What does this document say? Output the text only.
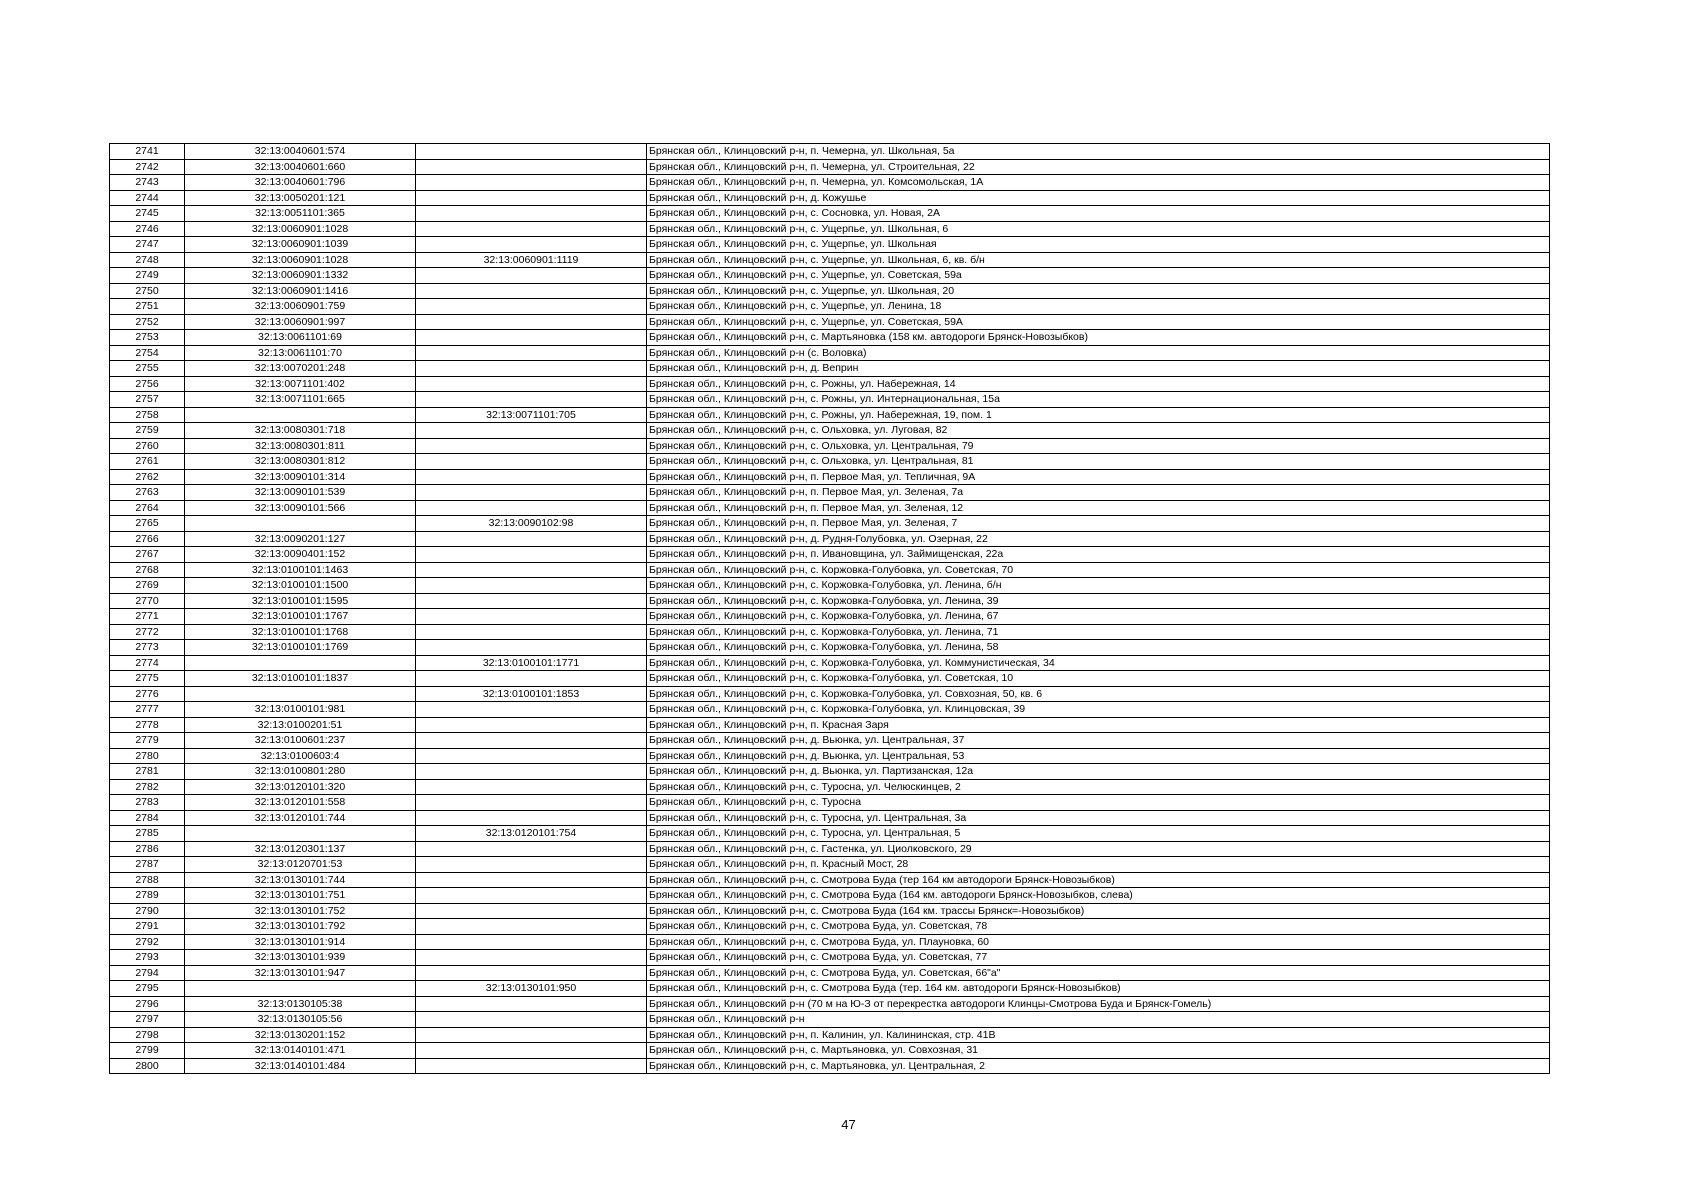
2741	32:13:0040601:574		Брянская обл., Клинцовский р-н, п. Чемерна, ул. Школьная, 5а
2742	32:13:0040601:660		Брянская обл., Клинцовский р-н, п. Чемерна, ул. Строительная, 22
2743	32:13:0040601:796		Брянская обл., Клинцовский р-н, п. Чемерна, ул. Комсомольская, 1А
2744	32:13:0050201:121		Брянская обл., Клинцовский р-н, д. Кожушье
2745	32:13:0051101:365		Брянская обл., Клинцовский р-н, с. Сосновка, ул. Новая, 2А
2746	32:13:0060901:1028		Брянская обл., Клинцовский р-н, с. Ущерпье, ул. Школьная, 6
2747	32:13:0060901:1039		Брянская обл., Клинцовский р-н, с. Ущерпье, ул. Школьная
2748	32:13:0060901:1028	32:13:0060901:1119	Брянская обл., Клинцовский р-н, с. Ущерпье, ул. Школьная, 6, кв. б/н
2749	32:13:0060901:1332		Брянская обл., Клинцовский р-н, с. Ущерпье, ул. Советская, 59а
2750	32:13:0060901:1416		Брянская обл., Клинцовский р-н, с. Ущерпье, ул. Школьная, 20
2751	32:13:0060901:759		Брянская обл., Клинцовский р-н, с. Ущерпье, ул. Ленина, 18
2752	32:13:0060901:997		Брянская обл., Клинцовский р-н, с. Ущерпье, ул. Советская, 59А
2753	32:13:0061101:69		Брянская обл., Клинцовский р-н, с. Мартьяновка (158 км. автодороги Брянск-Новозыбков)
2754	32:13:0061101:70		Брянская обл., Клинцовский р-н (с. Воловка)
2755	32:13:0070201:248		Брянская обл., Клинцовский р-н, д. Веприн
2756	32:13:0071101:402		Брянская обл., Клинцовский р-н, с. Рожны, ул. Набережная, 14
2757	32:13:0071101:665		Брянская обл., Клинцовский р-н, с. Рожны, ул. Интернациональная, 15а
2758		32:13:0071101:705	Брянская обл., Клинцовский р-н, с. Рожны, ул. Набережная, 19, пом. 1
2759	32:13:0080301:718		Брянская обл., Клинцовский р-н, с. Ольховка, ул. Луговая, 82
2760	32:13:0080301:811		Брянская обл., Клинцовский р-н, с. Ольховка, ул. Центральная, 79
2761	32:13:0080301:812		Брянская обл., Клинцовский р-н, с. Ольховка, ул. Центральная, 81
2762	32:13:0090101:314		Брянская обл., Клинцовский р-н, п. Первое Мая, ул. Тепличная, 9А
2763	32:13:0090101:539		Брянская обл., Клинцовский р-н, п. Первое Мая, ул. Зеленая, 7а
2764	32:13:0090101:566		Брянская обл., Клинцовский р-н, п. Первое Мая, ул. Зеленая, 12
2765		32:13:0090102:98	Брянская обл., Клинцовский р-н, п. Первое Мая, ул. Зеленая, 7
2766	32:13:0090201:127		Брянская обл., Клинцовский р-н, д. Рудня-Голубовка, ул. Озерная, 22
2767	32:13:0090401:152		Брянская обл., Клинцовский р-н, п. Ивановщина, ул. Займищенская, 22а
2768	32:13:0100101:1463		Брянская обл., Клинцовский р-н, с. Коржовка-Голубовка, ул. Советская, 70
2769	32:13:0100101:1500		Брянская обл., Клинцовский р-н, с. Коржовка-Голубовка, ул. Ленина, б/н
2770	32:13:0100101:1595		Брянская обл., Клинцовский р-н, с. Коржовка-Голубовка, ул. Ленина, 39
2771	32:13:0100101:1767		Брянская обл., Клинцовский р-н, с. Коржовка-Голубовка, ул. Ленина, 67
2772	32:13:0100101:1768		Брянская обл., Клинцовский р-н, с. Коржовка-Голубовка, ул. Ленина, 71
2773	32:13:0100101:1769		Брянская обл., Клинцовский р-н, с. Коржовка-Голубовка, ул. Ленина, 58
2774		32:13:0100101:1771	Брянская обл., Клинцовский р-н, с. Коржовка-Голубовка, ул. Коммунистическая, 34
2775	32:13:0100101:1837		Брянская обл., Клинцовский р-н, с. Коржовка-Голубовка, ул. Советская, 10
2776		32:13:0100101:1853	Брянская обл., Клинцовский р-н, с. Коржовка-Голубовка, ул. Совхозная, 50, кв. 6
2777	32:13:0100101:981		Брянская обл., Клинцовский р-н, с. Коржовка-Голубовка, ул. Клинцовская, 39
2778	32:13:0100201:51		Брянская обл., Клинцовский р-н, п. Красная Заря
2779	32:13:0100601:237		Брянская обл., Клинцовский р-н, д. Вьюнка, ул. Центральная, 37
2780	32:13:0100603:4		Брянская обл., Клинцовский р-н, д. Вьюнка, ул. Центральная, 53
2781	32:13:0100801:280		Брянская обл., Клинцовский р-н, д. Вьюнка, ул. Партизанская, 12а
2782	32:13:0120101:320		Брянская обл., Клинцовский р-н, с. Туросна, ул. Челюскинцев, 2
2783	32:13:0120101:558		Брянская обл., Клинцовский р-н, с. Туросна
2784	32:13:0120101:744		Брянская обл., Клинцовский р-н, с. Туросна, ул. Центральная, 3а
2785		32:13:0120101:754	Брянская обл., Клинцовский р-н, с. Туросна, ул. Центральная, 5
2786	32:13:0120301:137		Брянская обл., Клинцовский р-н, с. Гастенка, ул. Циолковского, 29
2787	32:13:0120701:53		Брянская обл., Клинцовский р-н, п. Красный Мост, 28
2788	32:13:0130101:744		Брянская обл., Клинцовский р-н, с. Смотрова Буда (тер 164 км автодороги Брянск-Новозыбков)
2789	32:13:0130101:751		Брянская обл., Клинцовский р-н, с. Смотрова Буда (164 км. автодороги Брянск-Новозыбков, слева)
2790	32:13:0130101:752		Брянская обл., Клинцовский р-н, с. Смотрова Буда (164 км. трассы Брянск=-Новозыбков)
2791	32:13:0130101:792		Брянская обл., Клинцовский р-н, с. Смотрова Буда, ул. Советская, 78
2792	32:13:0130101:914		Брянская обл., Клинцовский р-н, с. Смотрова Буда, ул. Плауновка, 60
2793	32:13:0130101:939		Брянская обл., Клинцовский р-н, с. Смотрова Буда, ул. Советская, 77
2794	32:13:0130101:947		Брянская обл., Клинцовский р-н, с. Смотрова Буда, ул. Советская, 66"а"
2795		32:13:0130101:950	Брянская обл., Клинцовский р-н, с. Смотрова Буда (тер. 164 км. автодороги Брянск-Новозыбков)
2796	32:13:0130105:38		Брянская обл., Клинцовский р-н (70 м на Ю-З от перекрестка автодороги Клинцы-Смотрова Буда и Брянск-Гомель)
2797	32:13:0130105:56		Брянская обл., Клинцовский р-н
2798	32:13:0130201:152		Брянская обл., Клинцовский р-н, п. Калинин, ул. Калининская, стр. 41В
2799	32:13:0140101:471		Брянская обл., Клинцовский р-н, с. Мартьяновка, ул. Совхозная, 31
2800	32:13:0140101:484		Брянская обл., Клинцовский р-н, с. Мартьяновка, ул. Центральная, 2
47
